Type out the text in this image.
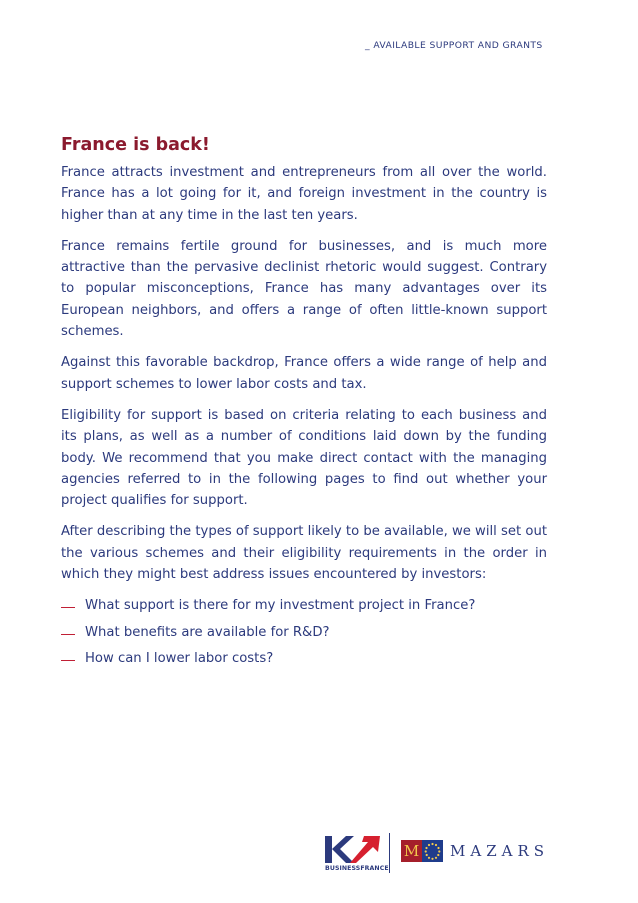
_ AVAILABLE SUPPORT AND GRANTS
France is back!

France attracts investment and entrepreneurs from all over the world. France has a lot going for it, and foreign investment in the country is higher than at any time in the last ten years.

France remains fertile ground for businesses, and is much more attractive than the pervasive declinist rhetoric would suggest. Contrary to popular misconceptions, France has many advantages over its European neighbors, and offers a range of often little-known support schemes.

Against this favorable backdrop, France offers a wide range of help and support schemes to lower labor costs and tax.

Eligibility for support is based on criteria relating to each business and its plans, as well as a number of conditions laid down by the funding body. We recommend that you make direct contact with the managing agencies referred to in the following pages to find out whether your project qualifies for support.

After describing the types of support likely to be available, we will set out the various schemes and their eligibility requirements in the order in which they might best address issues encountered by investors:

What support is there for my investment project in France?
What benefits are available for R&D?
How can I lower labor costs?
BUSINESSFRANCE
M MAZARS
